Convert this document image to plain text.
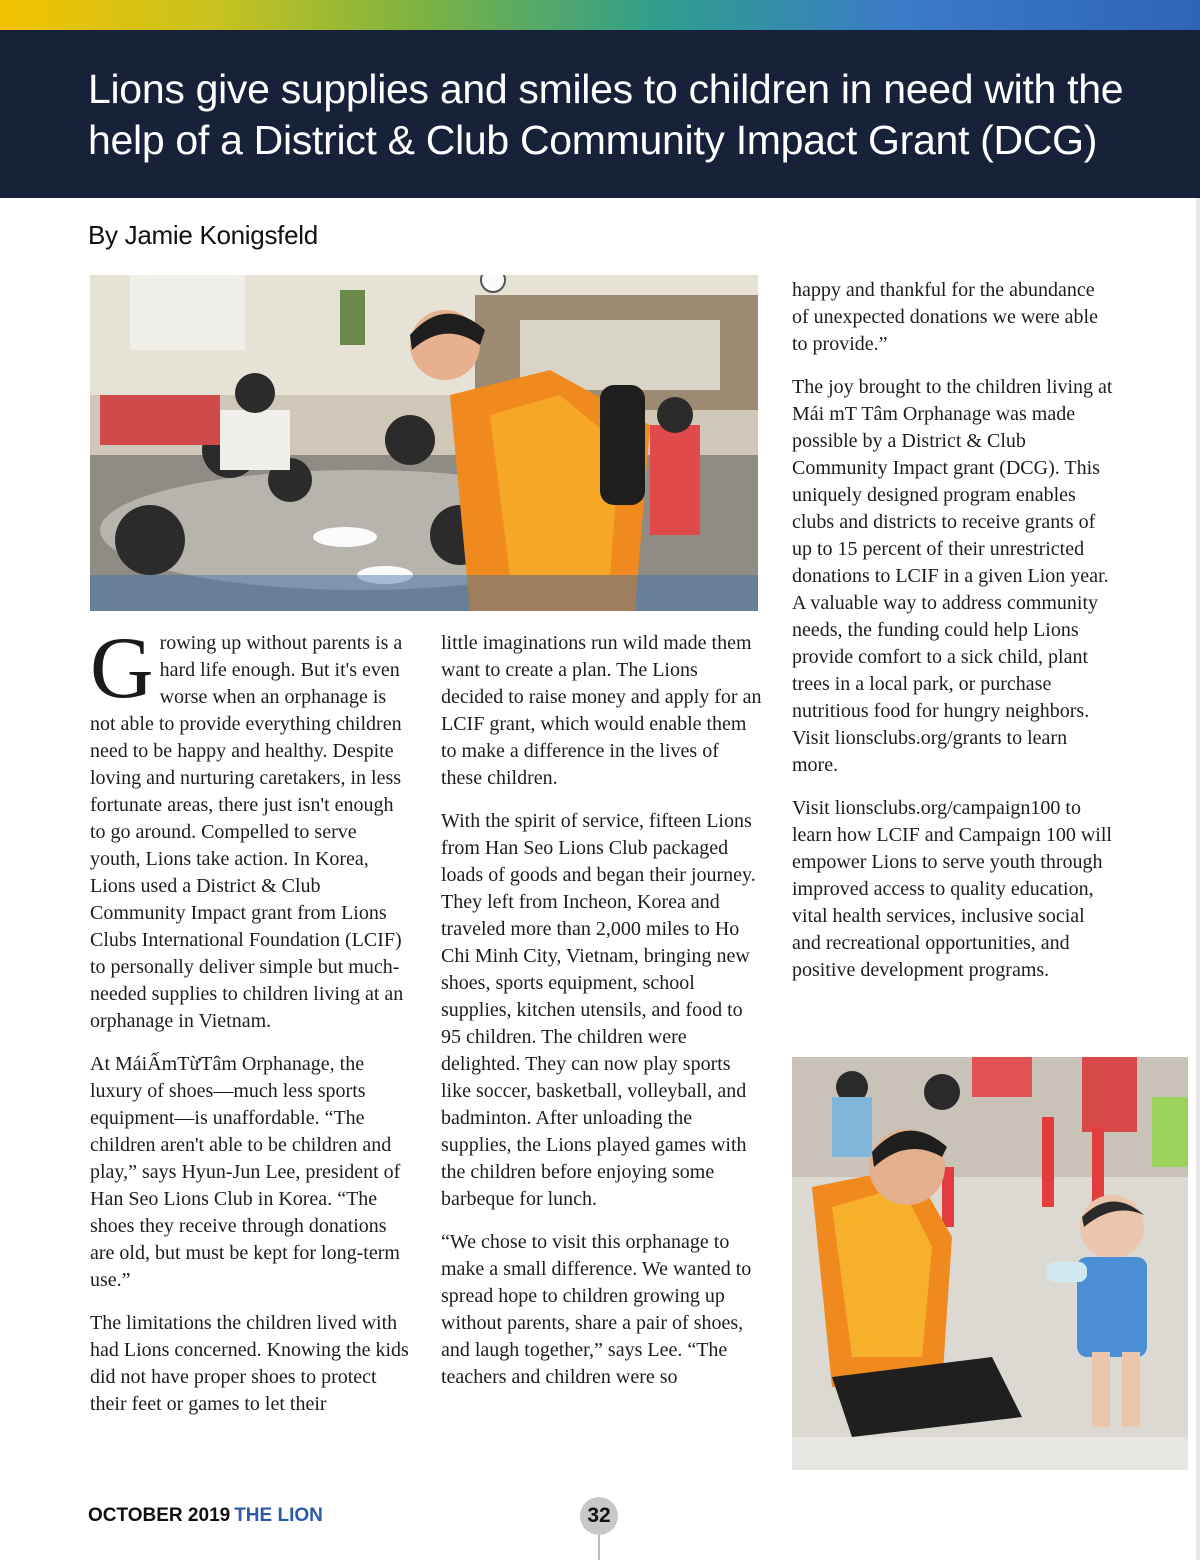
Lions give supplies and smiles to children in need with the help of a District & Club Community Impact Grant (DCG)
By Jamie Konigsfeld

Growing up without parents is a hard life enough. But it's even worse when an orphanage is not able to provide everything children need to be happy and healthy. Despite loving and nurturing caretakers, in less fortunate areas, there just isn't enough to go around. Compelled to serve youth, Lions take action. In Korea, Lions used a District & Club Community Impact grant from Lions Clubs International Foundation (LCIF) to personally deliver simple but much-needed supplies to children living at an orphanage in Vietnam.

At MáiẤmTừTâm Orphanage, the luxury of shoes—much less sports equipment—is unaffordable. “The children aren't able to be children and play,” says Hyun-Jun Lee, president of Han Seo Lions Club in Korea. “The shoes they receive through donations are old, but must be kept for long-term use.”

The limitations the children lived with had Lions concerned. Knowing the kids did not have proper shoes to protect their feet or games to let their

little imaginations run wild made them want to create a plan. The Lions decided to raise money and apply for an LCIF grant, which would enable them to make a difference in the lives of these children.

With the spirit of service, fifteen Lions from Han Seo Lions Club packaged loads of goods and began their journey. They left from Incheon, Korea and traveled more than 2,000 miles to Ho Chi Minh City, Vietnam, bringing new shoes, sports equipment, school supplies, kitchen utensils, and food to 95 children. The children were delighted. They can now play sports like soccer, basketball, volleyball, and badminton. After unloading the supplies, the Lions played games with the children before enjoying some barbeque for lunch.

“We chose to visit this orphanage to make a small difference. We wanted to spread hope to children growing up without parents, share a pair of shoes, and laugh together,” says Lee. “The teachers and children were so

happy and thankful for the abundance of unexpected donations we were able to provide.”

The joy brought to the children living at Mái mT Tâm Orphanage was made possible by a District & Club Community Impact grant (DCG). This uniquely designed program enables clubs and districts to receive grants of up to 15 percent of their unrestricted donations to LCIF in a given Lion year. A valuable way to address community needs, the funding could help Lions provide comfort to a sick child, plant trees in a local park, or purchase nutritious food for hungry neighbors. Visit lionsclubs.org/grants to learn more.

Visit lionsclubs.org/campaign100 to learn how LCIF and Campaign 100 will empower Lions to serve youth through improved access to quality education, vital health services, inclusive social and recreational opportunities, and positive development programs.

OCTOBER 2019 THE LION	32
